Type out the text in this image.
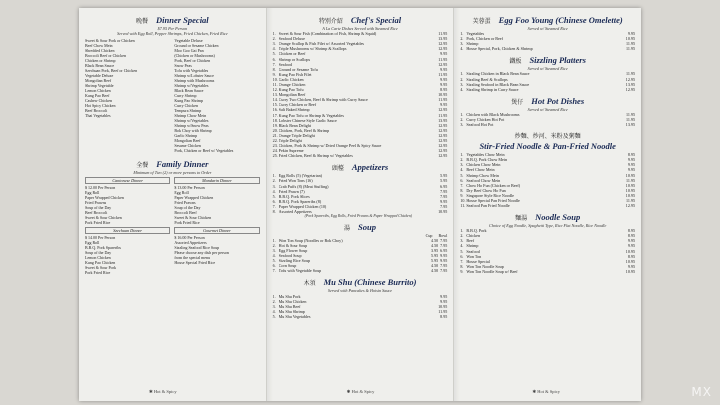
晚餐 Dinner Special
$7.95 Per Person
Served with Egg Roll, Pepper Shrimps, Fried Chicken, Fried Rice
Sweet & Sour Pork or Chicken
Beef Chow Mein
Shredded Chicken
Broccoli Beef or Chicken
Chicken or Shrimp
Black Bean Sauce
Szechuan Pork, Beef or Chicken
Vegetable Deluxe
Mongolian Beef
Shrimp Vegetable
Lemon Chicken
Kung Pao Beef
Cashew Chicken
Hot Spicy Chicken
Beef Broccoli
Thai Vegetables
Vegetable Deluxe
Ground or Sesame Chicken
Moo Goo Gai Pan
(Chicken or Mushrooms)
Pork, Beef or Chicken
Snow Peas
Tofu with Vegetables
Shrimp w/Lobster Sauce
Shrimp with Mushrooms
Shrimp w/Vegetables
Black Bean Sauce
Curry Shrimp
Kung Pao Shrimp
Curry Chicken
Tempura Shrimp
Shrimp Chow Mein
Shrimp w/Vegetables
Shrimp w/Snow Peas
Bok Choy with Shrimp
Garlic Shrimp
Mongolian Beef
Sesame Chicken
Pork, Chicken or Beef w/ Vegetables
全餐 Family Dinner
Minimum of Two (2) or more persons to Order
Cantonese Dinner
$ 12.00 Per Person
Egg Roll
Paper Wrapped Chicken
Fried Prawns
Soup of the Day
Beef Broccoli
Sweet & Sour Chicken
Pork Fried Rice
Mandarin Dinner
$ 13.00 Per Person
Egg Roll
Paper Wrapped Chicken
Fried Prawns
Soup of the Day
Broccoli Beef
Sweet & Sour Chicken
Pork Fried Rice
Szechuan Dinner
$ 14.00 Per Person
Egg Roll
B.B.Q. Pork Spareribs
Soup of the Day
Lemon Chicken
Kung Pao Chicken
Sweet & Sour Pork
Pork Fried Rice
Gourmet Dinner
$ 16.00 Per Person
Assorted Appetizers
Sizzling Seafood Rice Soup
Please choose any dish per person
from the special menu
House Special Fried Rice
✱ Hot & Spicy
特別介紹 Chef's Special
A La Carte Dishes Served with Steamed Rice
1. Sweet & Sour Fish (Combination of Fish, Shrimp & Squid)	11.95
2. Seafood Deluxe	13.95
3. Orange Scallop & Fish Filet w/ Assorted Vegetables	12.95
4. Triple Mushrooms w/ Shrimp & Scallops	12.95
5. Chicken or Beef	9.95
6. Shrimp or Scallops	11.95
7. Seafood	12.95
8. Ground or Sesame Tofu	9.95
9. Kung Pao Fish Filet	11.95
10. Garlic Chicken	9.95
11. Orange Chicken	9.95
12. Kung Pao Tofu	8.95
13. Mongolian Beef	10.95
14. Curry Two Chicken, Beef & Shrimp with Curry Sauce	11.95
15. Curry Chicken or Beef	9.95
16. Salt Baked Shrimp	12.95
17. Kung Pao Tofu or Shrimp & Vegetables	11.95
18. Lobster Chinese Style Garlic Sauce	13.95
19. Black Bean Delight	12.95
20. Chicken, Pork, Beef & Shrimp	12.95
21. Orange Triple Delight	12.95
22. Triple Delight	12.95
23. Chicken, Pork & Shrimp w/ Dried Orange Peel & Spicy Sauce	12.95
24. Pekin Supreme	12.95
25. Fried Chicken, Beef & Shrimp w/ Vegetables	12.95
頭檯 Appetizers
1. Egg Rolls (5) (Vegetarian)	5.95
2. Fried Won Tons (16)	5.95
3. Crab Puffs (8) (Meat Stuffing)	6.95
4. Fried Prawn (7)	7.95
5. B.B.Q. Pork Slices	7.95
6. B.B.Q. Pork Spareribs (8)	9.95
7. Paper Wrapped Chicken (10)	7.95
8. Assorted Appetizers	10.95
(Pork Spareribs, Egg Rolls, Fried Prawns & Paper Wrapped Chicken)
湯 Soup
Cup	Bowl
1. Won Ton Soup (Noodles or Bok Choy)	4.50 7.95
2. Hot & Sour Soup	4.50 7.95
3. Egg Flower Soup	3.95 6.95
4. Seafood Soup	5.95 9.95
5. Sizzling Rice Soup	5.95 9.95
6. Corn Soup	4.50 7.95
7. Tofu with Vegetable Soup	4.50 7.95
木須 Mu Shu (Chinese Burrito)
Served with Pancakes & Hoisin Sauce
1. Mu Shu Pork	9.95
2. Mu Shu Chicken	9.95
3. Mu Shu Beef	10.95
4. Mu Shu Shrimp	11.95
5. Mu Shu Vegetables	8.95
✱ Hot & Spicy
芙蓉蛋 Egg Foo Young (Chinese Omelette)
Served w/ Steamed Rice
1. Vegetables	9.95
2. Pork, Chicken or Beef	10.95
3. Shrimp	11.95
4. House Special, Pork, Chicken & Shrimp	11.95
鐵板 Sizzling Platters
Served w/ Steamed Rice
1. Sizzling Chicken in Black Bean Sauce	11.95
2. Sizzling Beef & Scallops	12.95
3. Sizzling Seafood in Black Bean Sauce	13.95
4. Sizzling Shrimp in Curry Sauce	12.95
煲仔 Hot Pot Dishes
Served w/ Steamed Rice
1. Chicken with Black Mushrooms	11.95
2. Curry Chicken Hot Pot	11.95
3. Seafood Hot Pot	13.95
炒麵、炒河、米粉及粥麵
Stir-Fried Noodle & Pan-Fried Noodle
1. Vegetables Chow Mein	8.95
2. B.B.Q. Pork Chow Mein	9.95
3. Chicken Chow Mein	9.95
4. Beef Chow Mein	9.95
5. Shrimp Chow Mein	10.95
6. Seafood Chow Mein	11.95
7. Chow Ho Fun (Chicken or Beef)	10.95
8. Dry Beef Chow Ho Fun	10.95
9. Singapore Style Rice Noodle	10.95
10. House Special Pan Fried Noodle	11.95
11. Seafood Pan Fried Noodle	12.95
麵湯 Noodle Soup
Choice of Egg Noodle, Spaghetti Type, Rice Flat Noodle, Rice Noodle
1. B.B.Q. Pork	8.95
2. Chicken	8.95
3. Beef	9.95
4. Shrimp	9.95
5. Seafood	10.95
6. Won Ton	8.95
7. House Special	10.95
8. Won Ton Noodle Soup	9.95
9. Won Ton Noodle Soup w/ Beef	10.95
✱ Hot & Spicy	MX
